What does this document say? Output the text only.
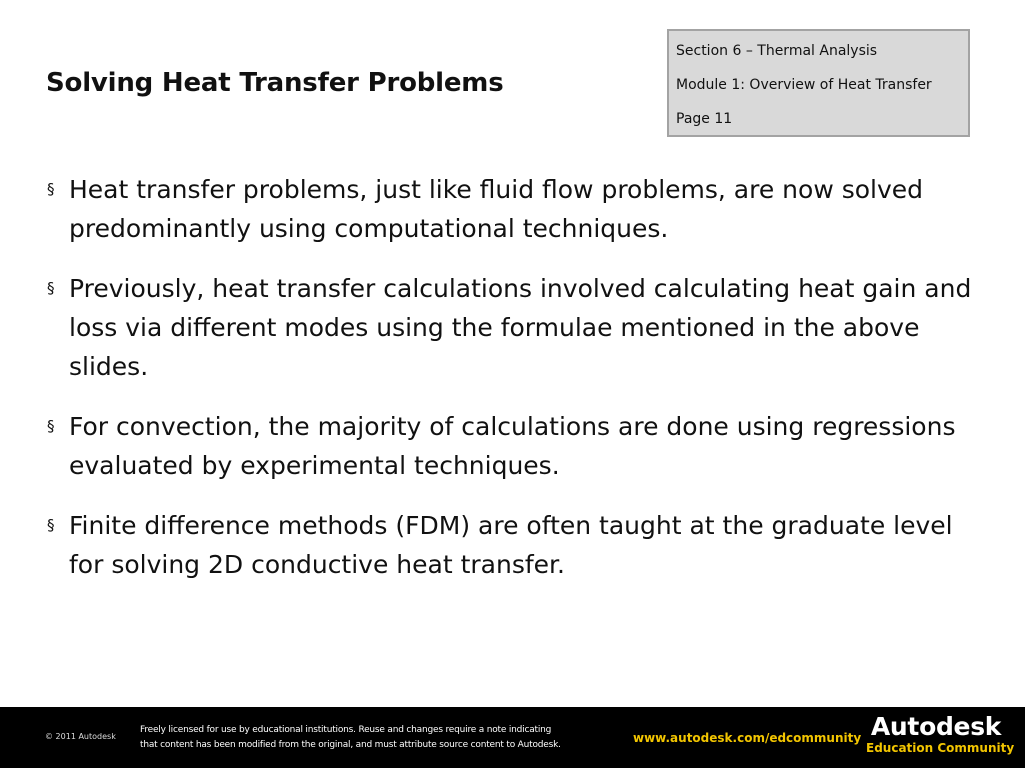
Solving Heat Transfer Problems
Section 6 – Thermal Analysis
Module 1: Overview of Heat Transfer
Page 11
§ Heat transfer problems, just like fluid flow problems, are now solved predominantly using computational techniques.
§ Previously, heat transfer calculations involved calculating heat gain and loss via different modes using the formulae mentioned in the above slides.
§ For convection, the majority of calculations are done using regressions evaluated by experimental techniques.
§ Finite difference methods (FDM) are often taught at the graduate level for solving 2D conductive heat transfer.
© 2011 Autodesk
Freely licensed for use by educational institutions. Reuse and changes require a note indicating
that content has been modified from the original, and must attribute source content to Autodesk.	www.autodesk.com/edcommunity Autodesk
Education Community
